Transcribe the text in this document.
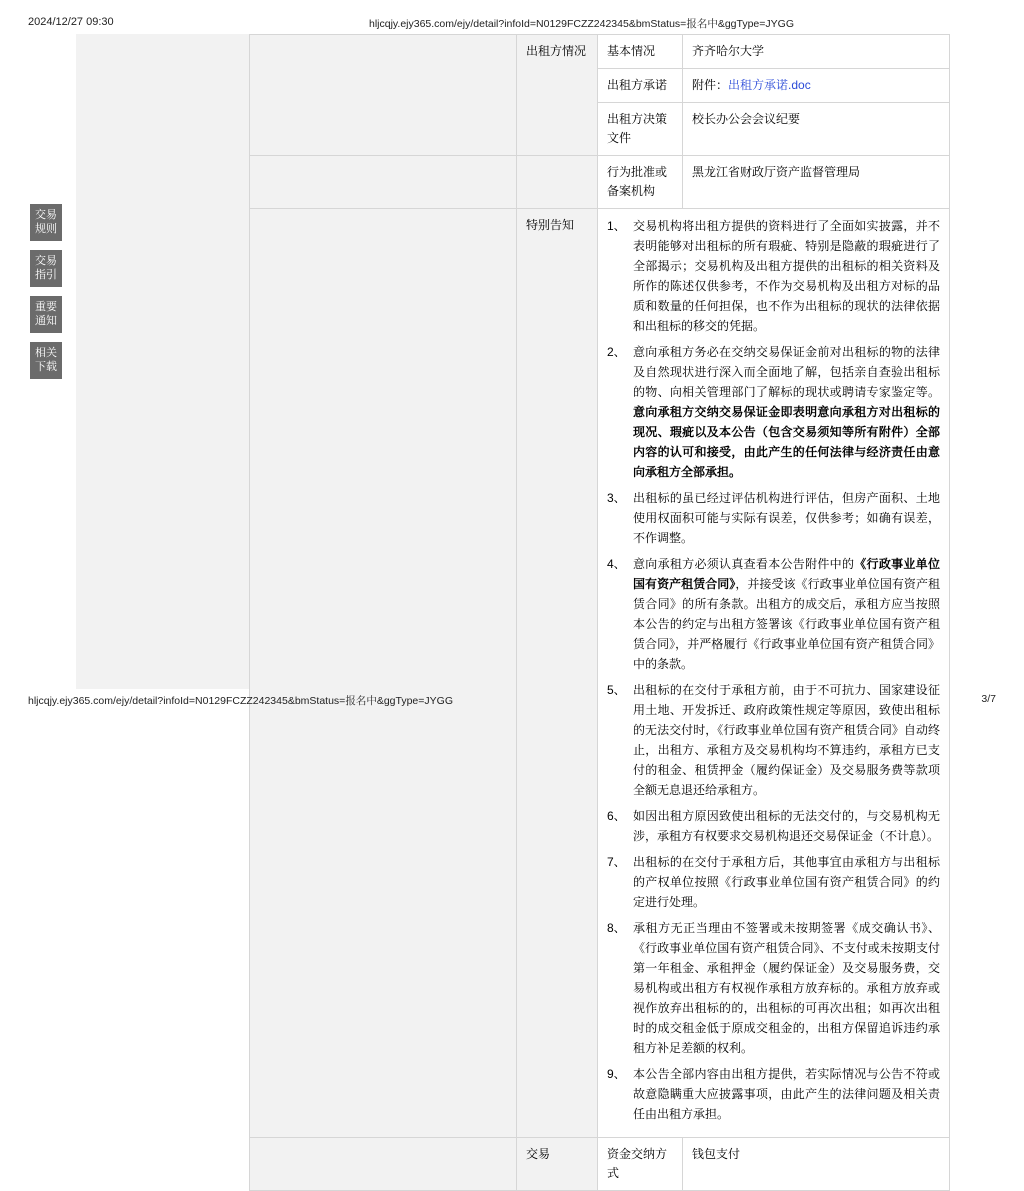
2024/12/27 09:30	hljcqjy.ejy365.com/ejy/detail?infoId=N0129FCZZ242345&bmStatus=报名中&ggType=JYGG
交易
规则
交易
指引
重要
通知
相关
下载
	出租方情况	基本情况	齐齐哈尔大学
		出租方承诺	附件：出租方承诺.doc
		出租方决策文件	校长办公会会议纪要
		行为批准或备案机构	黑龙江省财政厅资产监督管理局
	特别告知	1、 交易机构将出租方提供的资料进行了全面如实披露，并不表明能够对出租标的所有瑕疵、特别是隐蔽的瑕疵进行了全部揭示；交易机构及出租方提供的出租标的相关资料及所作的陈述仅供参考，不作为交易机构及出租方对标的品质和数量的任何担保，也不作为出租标的现状的法律依据和出租标的移交的凭据。
2、 意向承租方务必在交纳交易保证金前对出租标的物的法律及自然现状进行深入而全面地了解，包括亲自查验出租标的物、向相关管理部门了解标的现状或聘请专家鉴定等。意向承租方交纳交易保证金即表明意向承租方对出租标的现况、瑕疵以及本公告（包含交易须知等所有附件）全部内容的认可和接受，由此产生的任何法律与经济责任由意向承租方全部承担。
3、 出租标的虽已经过评估机构进行评估，但房产面积、土地使用权面积可能与实际有误差，仅供参考；如确有误差，不作调整。
4、 意向承租方必须认真查看本公告附件中的《行政事业单位国有资产租赁合同》，并接受该《行政事业单位国有资产租赁合同》的所有条款。出租方的成交后，承租方应当按照本公告的约定与出租方签署该《行政事业单位国有资产租赁合同》，并严格履行《行政事业单位国有资产租赁合同》中的条款。
5、 出租标的在交付于承租方前，由于不可抗力、国家建设征用土地、开发拆迁、政府政策性规定等原因，致使出租标的无法交付时，《行政事业单位国有资产租赁合同》自动终止，出租方、承租方及交易机构均不算违约，承租方已支付的租金、租赁押金（履约保证金）及交易服务费等款项全额无息退还给承租方。
6、 如因出租方原因致使出租标的无法交付的，与交易机构无涉，承租方有权要求交易机构退还交易保证金（不计息）。
7、 出租标的在交付于承租方后，其他事宜由承租方与出租标的产权单位按照《行政事业单位国有资产租赁合同》的约定进行处理。
8、 承租方无正当理由不签署或未按期签署《成交确认书》、《行政事业单位国有资产租赁合同》、不支付或未按期支付第一年租金、承租押金（履约保证金）及交易服务费，交易机构或出租方有权视作承租方放弃标的。承租方放弃或视作放弃出租标的的，出租标的可再次出租；如再次出租时的成交租金低于原成交租金的，出租方保留追诉违约承租方补足差额的权利。
9、 本公告全部内容由出租方提供，若实际情况与公告不符或故意隐瞒重大应披露事项，由此产生的法律问题及相关责任由出租方承担。

	交易	资金交纳方式	钱包支付
hljcqjy.ejy365.com/ejy/detail?infoId=N0129FCZZ242345&bmStatus=报名中&ggType=JYGG	3/7
